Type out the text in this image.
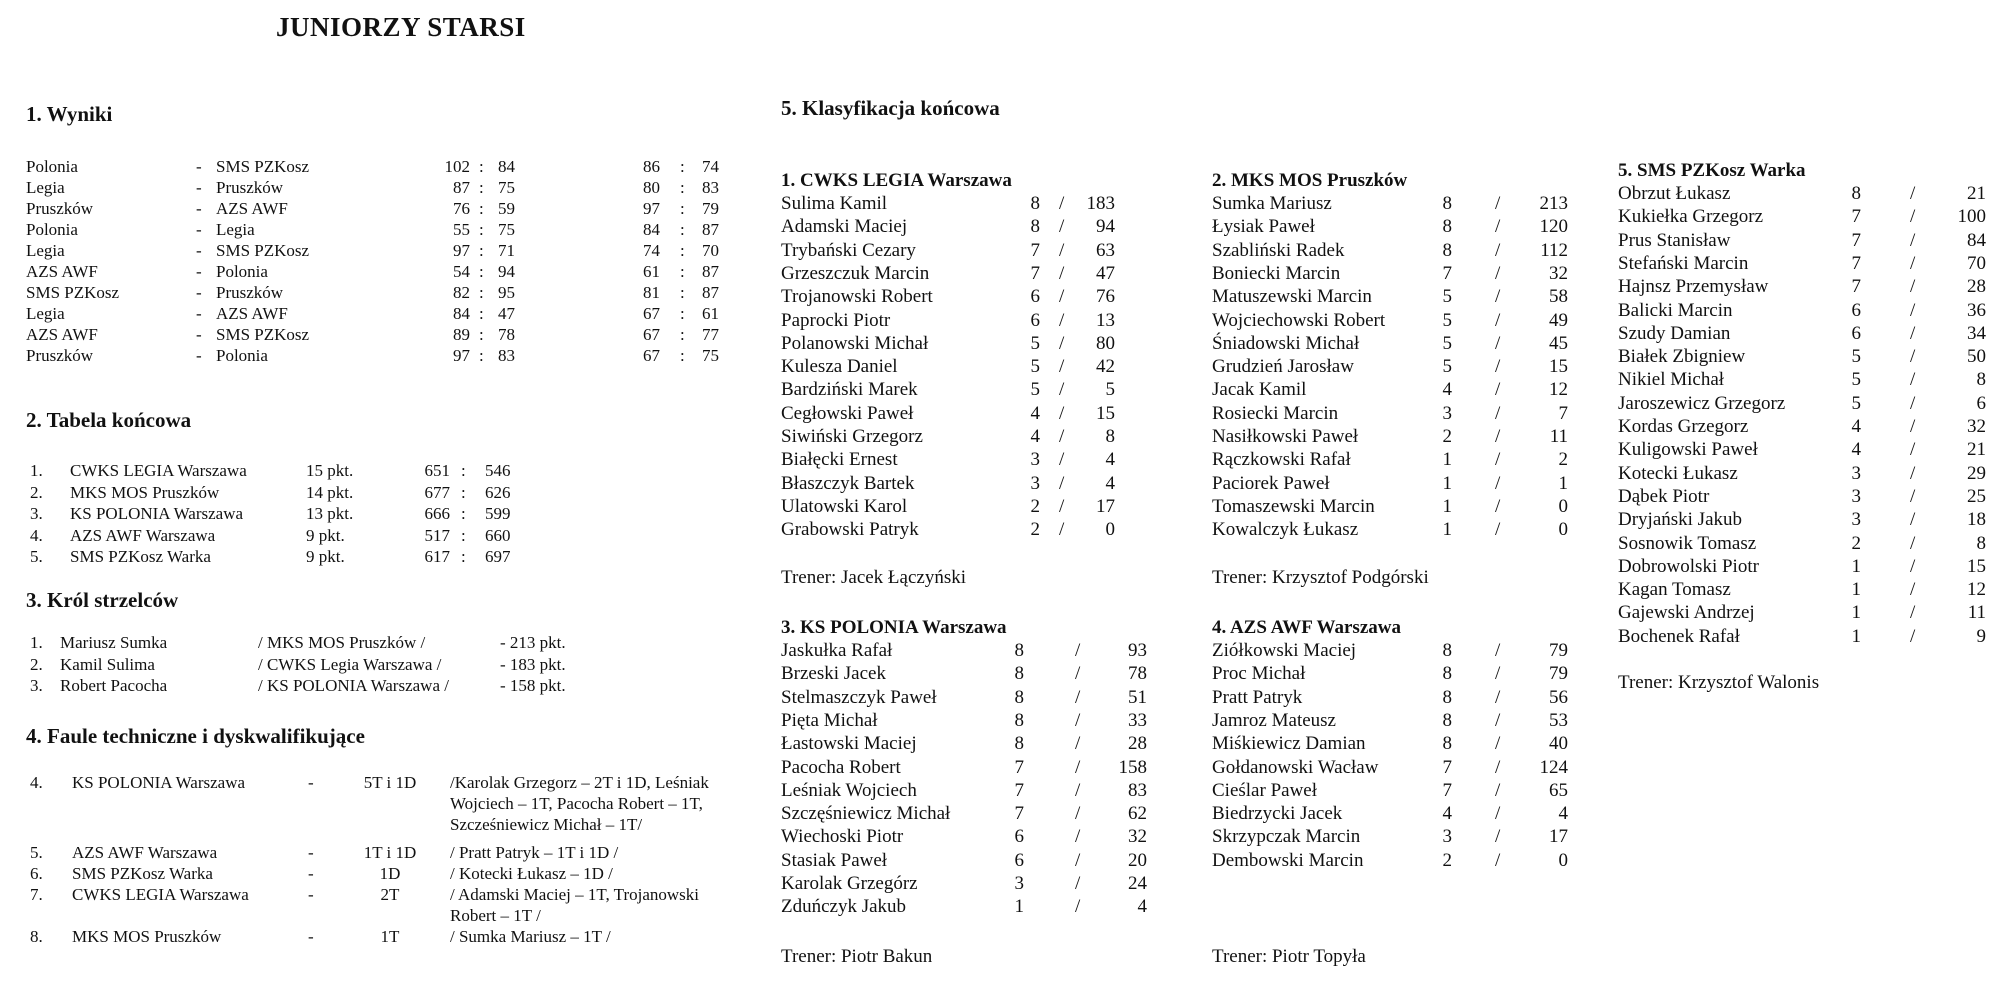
JUNIORZY STARSI
1. Wyniki
Polonia	- SMS PZKosz	102 : 84	86 : 74
Legia	- Pruszków	87 : 75	80 : 83
Pruszków	- AZS AWF	76 : 59	97 : 79
Polonia	- Legia	55 : 75	84 : 87
Legia	- SMS PZKosz	97 : 71	74 : 70
AZS AWF	- Polonia	54 : 94	61 : 87
SMS PZKosz	- Pruszków	82 : 95	81 : 87
Legia	- AZS AWF	84 : 47	67 : 61
AZS AWF	- SMS PZKosz	89 : 78	67 : 77
Pruszków	- Polonia	97 : 83	67 : 75
2. Tabela końcowa
1. CWKS LEGIA Warszawa	15 pkt.	651 : 546
2. MKS MOS Pruszków	14 pkt.	677 : 626
3. KS POLONIA Warszawa	13 pkt.	666 : 599
4. AZS AWF Warszawa	9 pkt.	517 : 660
5. SMS PZKosz Warka	9 pkt.	617 : 697
3. Król strzelców
1. Mariusz Sumka	/ MKS MOS Pruszków /	- 213 pkt.
2. Kamil Sulima	/ CWKS Legia Warszawa /	- 183 pkt.
3. Robert Pacocha	/ KS POLONIA Warszawa /	- 158 pkt.
4. Faule techniczne i dyskwalifikujące
4. KS POLONIA Warszawa	-	5T i 1D	/Karolak Grzegorz – 2T i 1D, Leśniak
Wojciech – 1T, Pacocha Robert – 1T,
Szcześniewicz Michał – 1T/
5. AZS AWF Warszawa	-	1T i 1D	/ Pratt Patryk – 1T i 1D /
6. SMS PZKosz Warka	-	1D	/ Kotecki Łukasz – 1D /
7. CWKS LEGIA Warszawa	-	2T	/ Adamski Maciej – 1T, Trojanowski
Robert – 1T /
8. MKS MOS Pruszków	-	1T	/ Sumka Mariusz – 1T /
5. Klasyfikacja końcowa
1. CWKS LEGIA Warszawa
Sulima Kamil	8 /	183
Adamski Maciej	8 /	94
Trybański Cezary	7 /	63
Grzeszczuk Marcin	7 /	47
Trojanowski Robert	6 /	76
Paprocki Piotr	6 /	13
Polanowski Michał	5 /	80
Kulesza Daniel	5 /	42
Bardziński Marek	5 /	5
Cegłowski Paweł	4 /	15
Siwiński Grzegorz	4 /	8
Białęcki Ernest	3 /	4
Błaszczyk Bartek	3 /	4
Ulatowski Karol	2 /	17
Grabowski Patryk	2 /	0
Trener: Jacek Łączyński
2. MKS MOS Pruszków
Sumka Mariusz	8 /	213
Łysiak Paweł	8 /	120
Szabliński Radek	8 /	112
Boniecki Marcin	7 /	32
Matuszewski Marcin	5 /	58
Wojciechowski Robert	5 /	49
Śniadowski Michał	5 /	45
Grudzień Jarosław	5 /	15
Jacak Kamil	4 /	12
Rosiecki Marcin	3 /	7
Nasiłkowski Paweł	2 /	11
Rączkowski Rafał	1 /	2
Paciorek Paweł	1 /	1
Tomaszewski Marcin	1 /	0
Kowalczyk Łukasz	1 /	0
Trener: Krzysztof Podgórski
5. SMS PZKosz Warka
Obrzut Łukasz	8	/	21
Kukiełka Grzegorz	7	/	100
Prus Stanisław	7	/	84
Stefański Marcin	7	/	70
Hajnsz Przemysław	7	/	28
Balicki Marcin	6	/	36
Szudy Damian	6	/	34
Białek Zbigniew	5	/	50
Nikiel Michał	5	/	8
Jaroszewicz Grzegorz	5	/	6
Kordas Grzegorz	4	/	32
Kuligowski Paweł	4	/	21
Kotecki Łukasz	3	/	29
Dąbek Piotr	3	/	25
Dryjański Jakub	3	/	18
Sosnowik Tomasz	2	/	8
Dobrowolski Piotr	1	/	15
Kagan Tomasz	1	/	12
Gajewski Andrzej	1	/	11
Bochenek Rafał	1	/	9
Trener: Krzysztof Walonis
3. KS POLONIA Warszawa
Jaskułka Rafał	8	/	93
Brzeski Jacek	8	/	78
Stelmaszczyk Paweł	8	/	51
Pięta Michał	8	/	33
Łastowski Maciej	8	/	28
Pacocha Robert	7	/	158
Leśniak Wojciech	7	/	83
Szczęśniewicz Michał	7	/	62
Wiechoski Piotr	6	/	32
Stasiak Paweł	6	/	20
Karolak Grzegórz	3	/	24
Zduńczyk Jakub	1	/	4
Trener: Piotr Bakun
4. AZS AWF Warszawa
Ziółkowski Maciej	8 /	79
Proc Michał	8 /	79
Pratt Patryk	8 /	56
Jamroz Mateusz	8 /	53
Miśkiewicz Damian	8 /	40
Gołdanowski Wacław	7 /	124
Cieślar Paweł	7 /	65
Biedrzycki Jacek	4 /	4
Skrzypczak Marcin	3 /	17
Dembowski Marcin	2 /	0
Trener: Piotr Topyła
